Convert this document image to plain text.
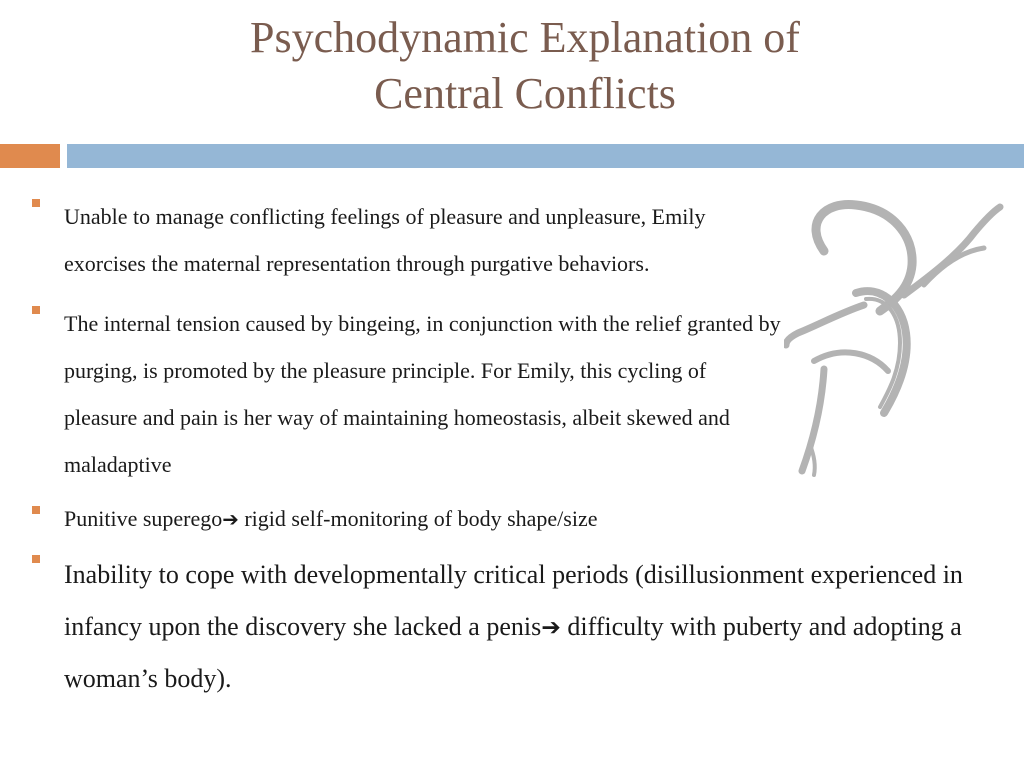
Psychodynamic Explanation of
Central Conflicts
Unable to manage conflicting feelings of pleasure and unpleasure, Emily exorcises the maternal representation through purgative behaviors.
The internal tension caused by bingeing, in conjunction with the relief granted by purging, is promoted by the pleasure principle. For Emily, this cycling of pleasure and pain is her way of maintaining homeostasis, albeit skewed and maladaptive
Punitive superego➔ rigid self-monitoring of body shape/size
Inability to cope with developmentally critical periods (disillusionment experienced in infancy upon the discovery she lacked a penis➔ difficulty with puberty and adopting a woman’s body).
